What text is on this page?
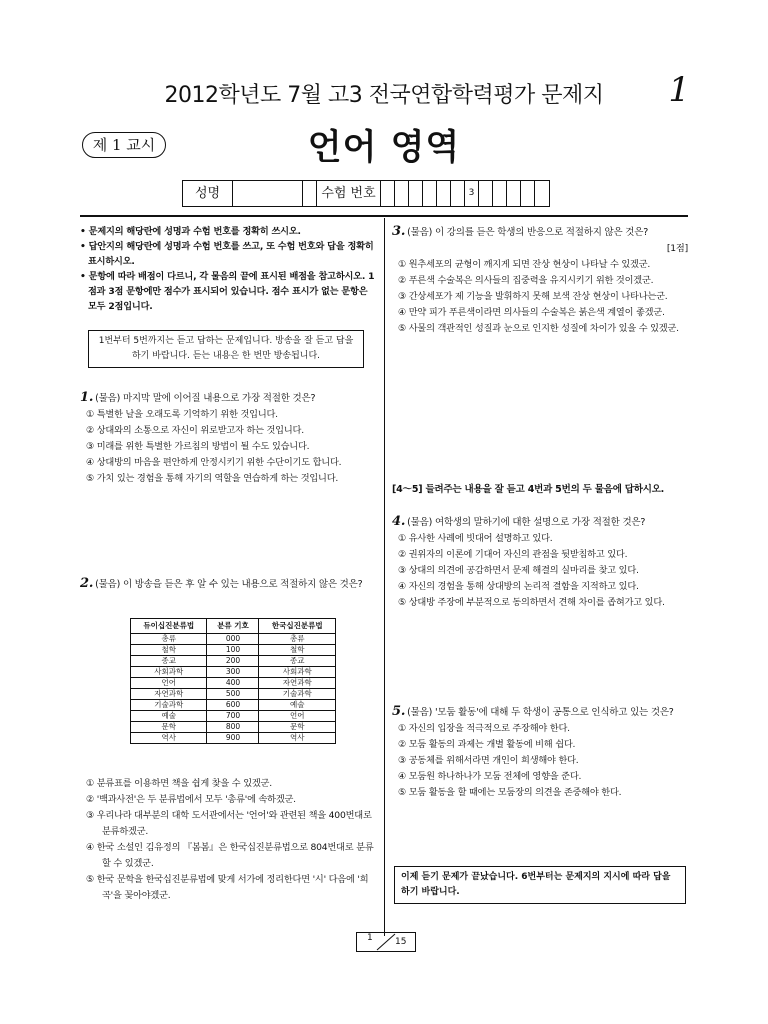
2012학년도 7월 고3 전국연합학력평가 문제지	1
제 1 교시	언어 영역
성명	수험 번호	3
• 문제지의 해당란에 성명과 수험 번호를 정확히 쓰시오.
• 답안지의 해당란에 성명과 수험 번호를 쓰고, 또 수험 번호와 답을 정확히 표시하시오.
• 문항에 따라 배점이 다르니, 각 물음의 끝에 표시된 배점을 참고하시오. 1점과 3점 문항에만 점수가 표시되어 있습니다. 점수 표시가 없는 문항은 모두 2점입니다.
1번부터 5번까지는 듣고 답하는 문제입니다. 방송을 잘 듣고 답을 하기 바랍니다. 듣는 내용은 한 번만 방송됩니다.
1. (물음) 마지막 말에 이어질 내용으로 가장 적절한 것은?
① 특별한 날을 오래도록 기억하기 위한 것입니다.
② 상대와의 소통으로 자신이 위로받고자 하는 것입니다.
③ 미래를 위한 특별한 가르침의 방법이 될 수도 있습니다.
④ 상대방의 마음을 편안하게 안정시키기 위한 수단이기도 합니다.
⑤ 가치 있는 경험을 통해 자기의 역할을 연습하게 하는 것입니다.
2. (물음) 이 방송을 듣은 후 알 수 있는 내용으로 적절하지 않은 것은?
듀이십진분류법	분류 기호	한국십진분류법
총류	000	총류
철학	100	철학
종교	200	종교
사회과학	300	사회과학
언어	400	자연과학
자연과학	500	기술과학
기술과학	600	예술
예술	700	언어
문학	800	문학
역사	900	역사
① 분류표를 이용하면 책을 쉽게 찾을 수 있겠군.
② '백과사전'은 두 분류법에서 모두 '총류'에 속하겠군.
③ 우리나라 대부분의 대학 도서관에서는 '언어'와 관련된 책을 400번대로 분류하겠군.
④ 한국 소설인 김유정의 『봄봄』은 한국십진분류법으로 804번대로 분류할 수 있겠군.
⑤ 한국 문학을 한국십진분류법에 맞게 서가에 정리한다면 '시' 다음에 '희곡'을 꽂아야겠군.
3. (물음) 이 강의를 듣은 학생의 반응으로 적절하지 않은 것은?
[1점]
① 원추세포의 균형이 깨지게 되면 잔상 현상이 나타날 수 있겠군.
② 푸른색 수술복은 의사들의 집중력을 유지시키기 위한 것이겠군.
③ 간상세포가 제 기능을 발휘하지 못해 보색 잔상 현상이 나타나는군.
④ 만약 피가 푸른색이라면 의사들의 수술복은 붉은색 계열이 좋겠군.
⑤ 사물의 객관적인 성질과 눈으로 인지한 성질에 차이가 있을 수 있겠군.
[4～5] 들려주는 내용을 잘 듣고 4번과 5번의 두 물음에 답하시오.
4. (물음) 여학생의 말하기에 대한 설명으로 가장 적절한 것은?
① 유사한 사례에 빗대어 설명하고 있다.
② 권위자의 이론에 기대어 자신의 관점을 뒷받침하고 있다.
③ 상대의 의견에 공감하면서 문제 해결의 실마리를 찾고 있다.
④ 자신의 경험을 통해 상대방의 논리적 결함을 지적하고 있다.
⑤ 상대방 주장에 부분적으로 동의하면서 견해 차이를 좁혀가고 있다.
5. (물음) '모둠 활동'에 대해 두 학생이 공통으로 인식하고 있는 것은?
① 자신의 입장을 적극적으로 주장해야 한다.
② 모둠 활동의 과제는 개별 활동에 비해 쉽다.
③ 공동체를 위해서라면 개인이 희생해야 한다.
④ 모둠원 하나하나가 모둠 전체에 영향을 준다.
⑤ 모둠 활동을 할 때에는 모둠장의 의견을 존중해야 한다.
이제 듣기 문제가 끝났습니다. 6번부터는 문제지의 지시에 따라 답을 하기 바랍니다.
1 15
